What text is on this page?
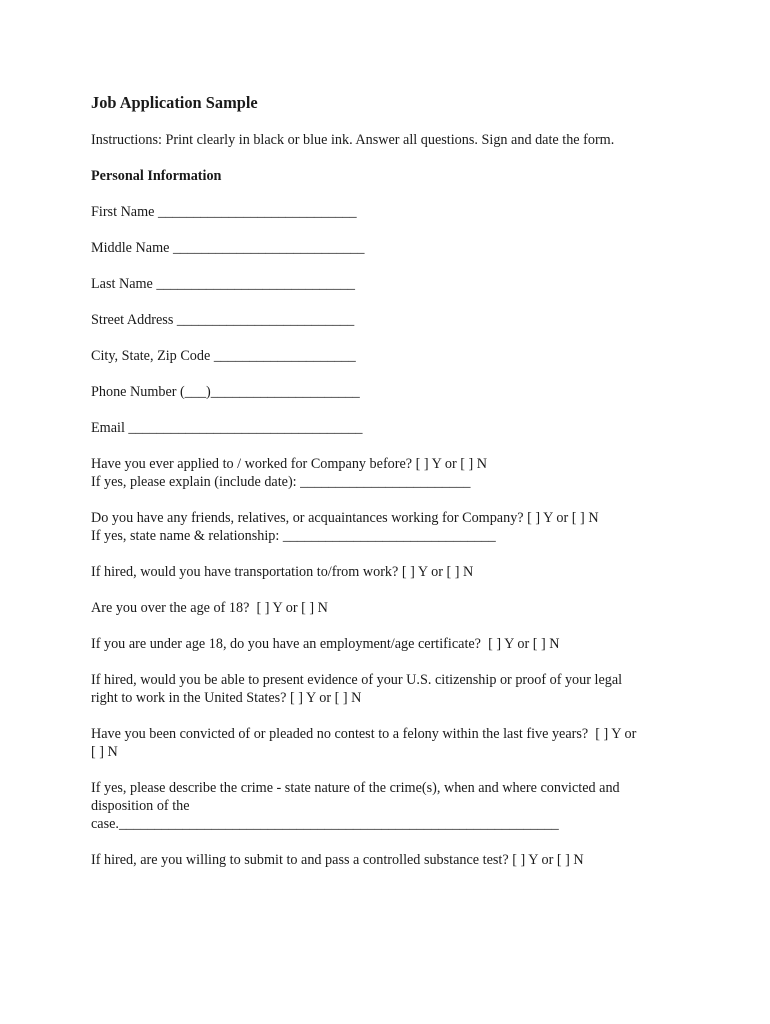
Job Application Sample

Instructions: Print clearly in black or blue ink. Answer all questions. Sign and date the form.

Personal Information

First Name ____________________________

Middle Name ___________________________

Last Name ____________________________

Street Address _________________________

City, State, Zip Code ____________________

Phone Number (___)_____________________

Email _________________________________

Have you ever applied to / worked for Company before? [ ] Y or [ ] N

If yes, please explain (include date): ________________________

Do you have any friends, relatives, or acquaintances working for Company? [ ] Y or [ ] N

If yes, state name & relationship: ______________________________

If hired, would you have transportation to/from work? [ ] Y or [ ] N

Are you over the age of 18?  [ ] Y or [ ] N

If you are under age 18, do you have an employment/age certificate?  [ ] Y or [ ] N

If hired, would you be able to present evidence of your U.S. citizenship or proof of your legal

right to work in the United States? [ ] Y or [ ] N

Have you been convicted of or pleaded no contest to a felony within the last five years?  [ ] Y or

[ ] N

If yes, please describe the crime - state nature of the crime(s), when and where convicted and

disposition of the

case.______________________________________________________________

If hired, are you willing to submit to and pass a controlled substance test? [ ] Y or [ ] N
